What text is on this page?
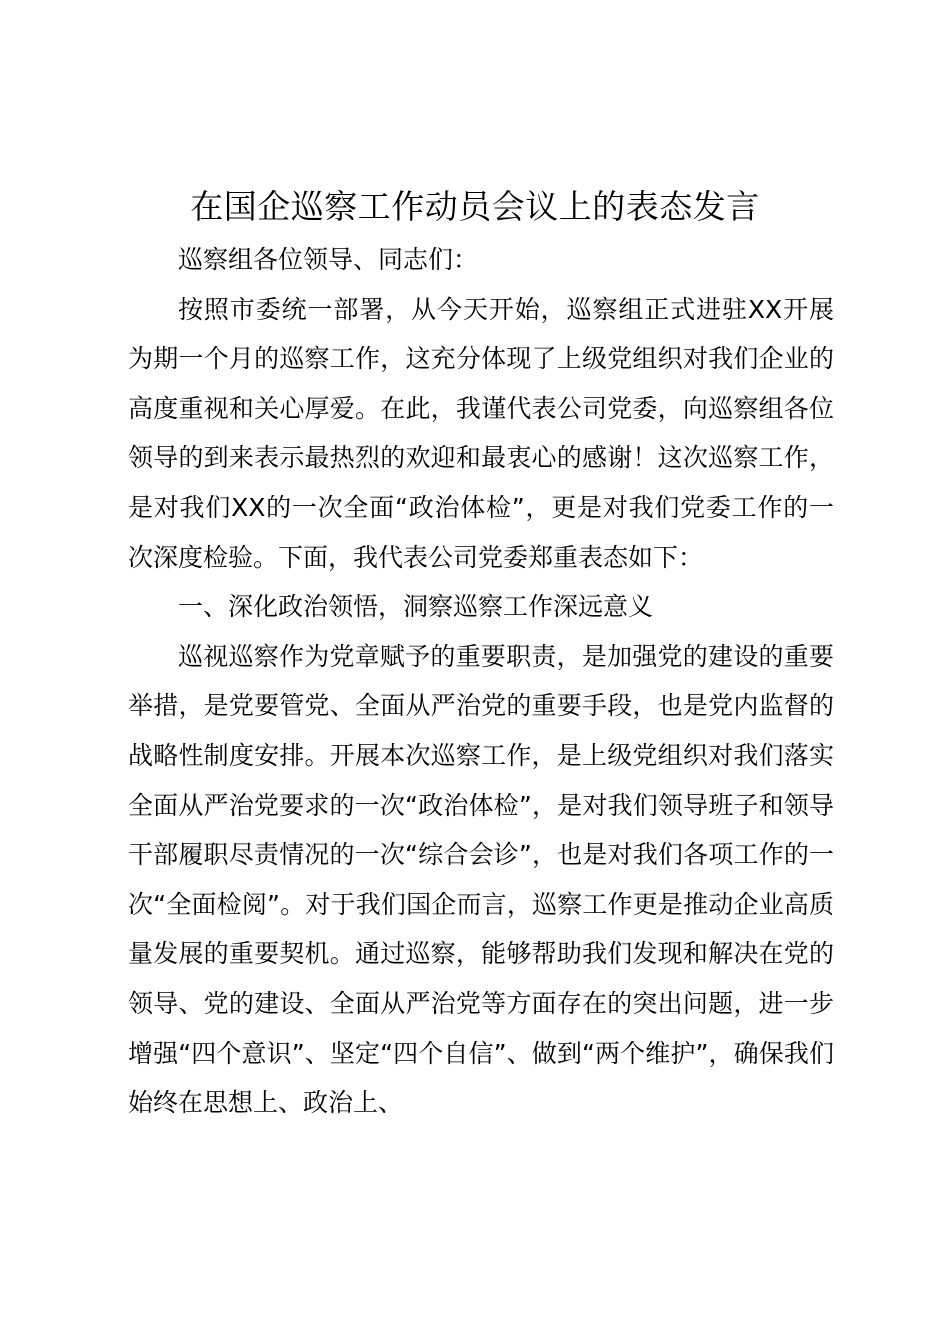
在国企巡察工作动员会议上的表态发言

巡察组各位领导、同志们：

按照市委统一部署，从今天开始，巡察组正式进驻XX开展为期一个月的巡察工作，这充分体现了上级党组织对我们企业的高度重视和关心厚爱。在此，我谨代表公司党委，向巡察组各位领导的到来表示最热烈的欢迎和最衷心的感谢！这次巡察工作，是对我们XX的一次全面“政治体检”，更是对我们党委工作的一次深度检验。下面，我代表公司党委郑重表态如下：

一、深化政治领悟，洞察巡察工作深远意义

巡视巡察作为党章赋予的重要职责，是加强党的建设的重要举措，是党要管党、全面从严治党的重要手段，也是党内监督的战略性制度安排。开展本次巡察工作，是上级党组织对我们落实全面从严治党要求的一次“政治体检”，是对我们领导班子和领导干部履职尽责情况的一次“综合会诊”，也是对我们各项工作的一次“全面检阅”。对于我们国企而言，巡察工作更是推动企业高质量发展的重要契机。通过巡察，能够帮助我们发现和解决在党的领导、党的建设、全面从严治党等方面存在的突出问题，进一步增强“四个意识”、坚定“四个自信”、做到“两个维护”，确保我们始终在思想上、政治上、
